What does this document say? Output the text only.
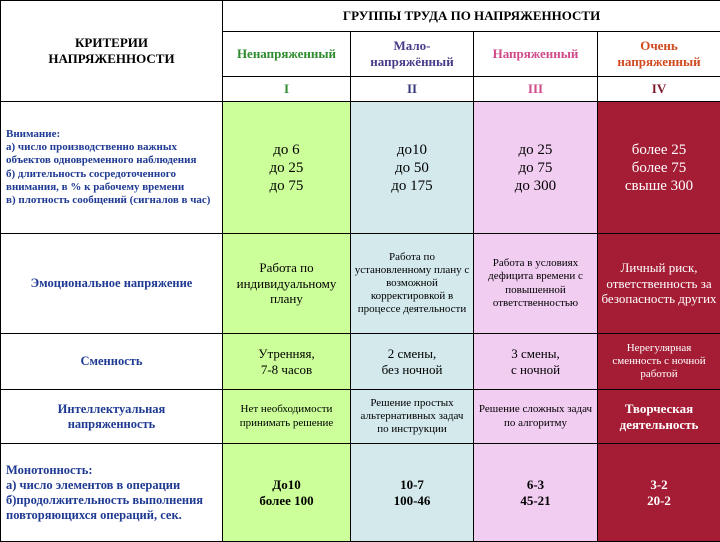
КРИТЕРИИ НАПРЯЖЕННОСТИ	ГРУППЫ ТРУДА ПО НАПРЯЖЕННОСТИ			
	Ненапряженный	Мало-напряжённый	Напряженный	Очень напряженный
	I	II	III	IV
Внимание:
а) число производственно важных объектов одновременного наблюдения
б) длительность сосредоточенного внимания, в % к рабочему времени
в) плотность сообщений (сигналов в час)	до 6
до 25
до 75	до10
до 50
до 175	до 25
до 75
до 300	более 25
более 75
свыше 300
Эмоциональное напряжение	Работа по индивидуальному плану	Работа по установленному плану с возможной корректировкой в процессе деятельности	Работа в условиях дефицита времени с повышенной ответственностью	Личный риск, ответственность за безопасность других
Сменность	Утренняя,
7-8 часов	2 смены,
без ночной	3 смены,
с ночной	Нерегулярная сменность с ночной работой
Интеллектуальная напряженность	Нет необходимости принимать решение	Решение простых альтернативных задач по инструкции	Решение сложных задач по алгоритму	Творческая деятельность
Монотонность:
а) число элементов в операции
б)продолжительность выполнения повторяющихся операций, сек.	До10
более 100	10-7
100-46	6-3
45-21	3-2
20-2
